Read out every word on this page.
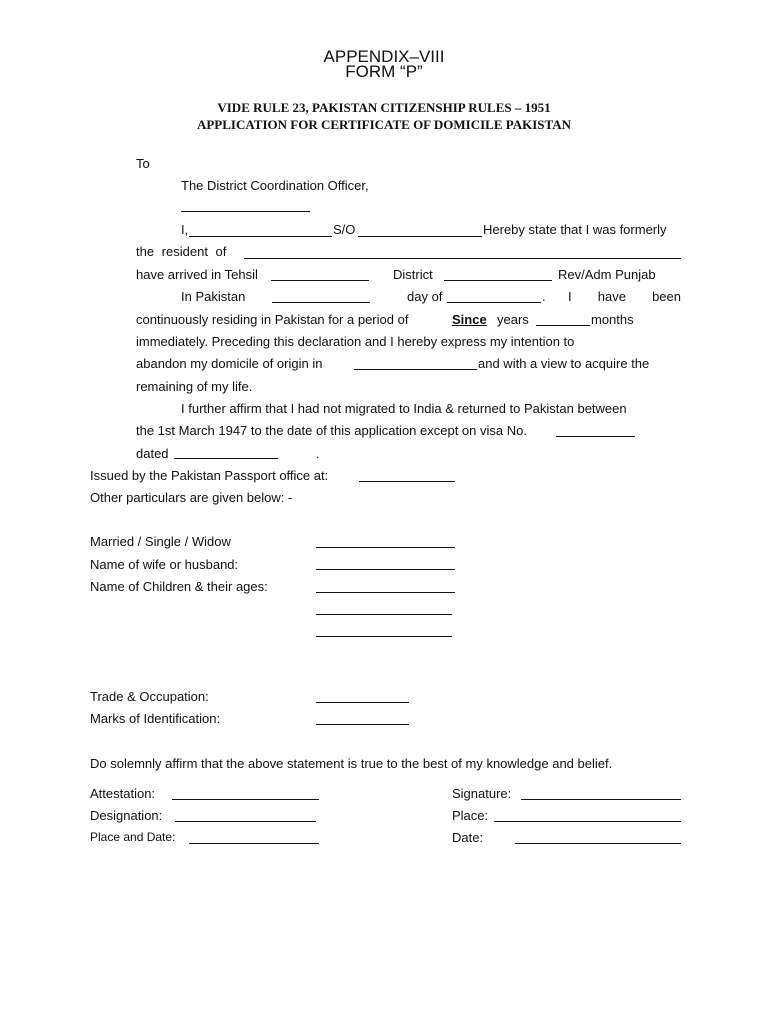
APPENDIX–VIII
FORM “P”
VIDE RULE 23, PAKISTAN CITIZENSHIP RULES – 1951
APPLICATION FOR CERTIFICATE OF DOMICILE PAKISTAN
To
The District Coordination Officer,
I,	S/O	Hereby state that I was formerly
the resident of
have arrived in Tehsil	District	Rev/Adm Punjab
In Pakistan	day of	. I have been
continuously residing in Pakistan for a period of	Since years	months
immediately. Preceding this declaration and I hereby express my intention to
abandon my domicile of origin in	and with a view to acquire the
remaining of my life.
I further affirm that I had not migrated to India & returned to Pakistan between
the 1st March 1947 to the date of this application except on visa No.
dated	.
Issued by the Pakistan Passport office at:
Other particulars are given below: -
Married / Single / Widow
Name of wife or husband:
Name of Children & their ages:
Trade & Occupation:
Marks of Identification:
Do solemnly affirm that the above statement is true to the best of my knowledge and belief.
Attestation:	Signature:
Designation:	Place:
Place and Date:	Date:
